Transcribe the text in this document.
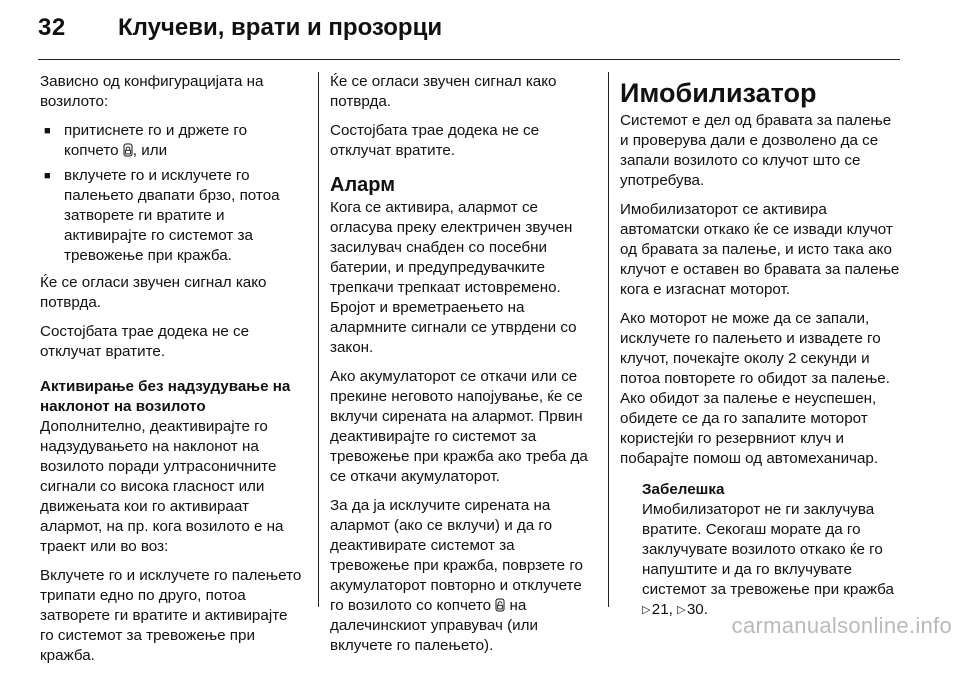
32 Клучеви, врати и прозорци

Зависно од конфигурацијата на возилото:

■ притиснете го и држете го копчето , или
■ вклучете го и исклучете го палењето двапати брзо, потоа затворете ги вратите и активирајте го системот за тревожење при кражба.

Ќе се огласи звучен сигнал како потврда.

Состојбата трае додека не се отклучат вратите.

Активирање без надзудување на наклонот на возилото

Дополнително, деактивирајте го надзудувањето на наклонот на возилото поради ултрасоничните сигнали со висока гласност или движењата кои го активираат алармот, на пр. кога возилото е на траект или во воз:

Вклучете го и исклучете го палењето трипати едно по друго, потоа затворете ги вратите и активирајте го системот за тревожење при кражба.

Ќе се огласи звучен сигнал како потврда.

Состојбата трае додека не се отклучат вратите.

Аларм

Кога се активира, алармот се огласува преку електричен звучен засилувач снабден со посебни батерии, и предупредувачките трепкачи трепкаат истовремено. Бројот и времетраењето на алармните сигнали се утврдени со закон.

Ако акумулаторот се откачи или се прекине неговото напојување, ќе се вклучи сирената на алармот. Првин деактивирајте го системот за тревожење при кражба ако треба да се откачи акумулаторот.

За да ја исклучите сирената на алармот (ако се вклучи) и да го деактивирате системот за тревожење при кражба, поврзете го акумулаторот повторно и отклучете го возилото со копчето  на далечинскиот управувач (или вклучете го палењето).

Имобилизатор

Системот е дел од бравата за палење и проверува дали е дозволено да се запали возилото со клучот што се употребува.

Имобилизаторот се активира автоматски откако ќе се извади клучот од бравата за палење, и исто така ако клучот е оставен во бравата за палење кога е изгаснат моторот.

Ако моторот не може да се запали, исклучете го палењето и извадете го клучот, почекајте околу 2 секунди и потоа повторете го обидот за палење. Ако обидот за палење е неуспешен, обидете се да го запалите моторот користејќи го резервниот клуч и побарајте помош од автомеханичар.

Забелешка
Имобилизаторот не ги заклучува вратите. Секогаш морате да го заклучувате возилото откако ќе го напуштите и да го вклучувате системот за тревожење при кражба ▷ 21, ▷ 30.
carmanualsonline.info
